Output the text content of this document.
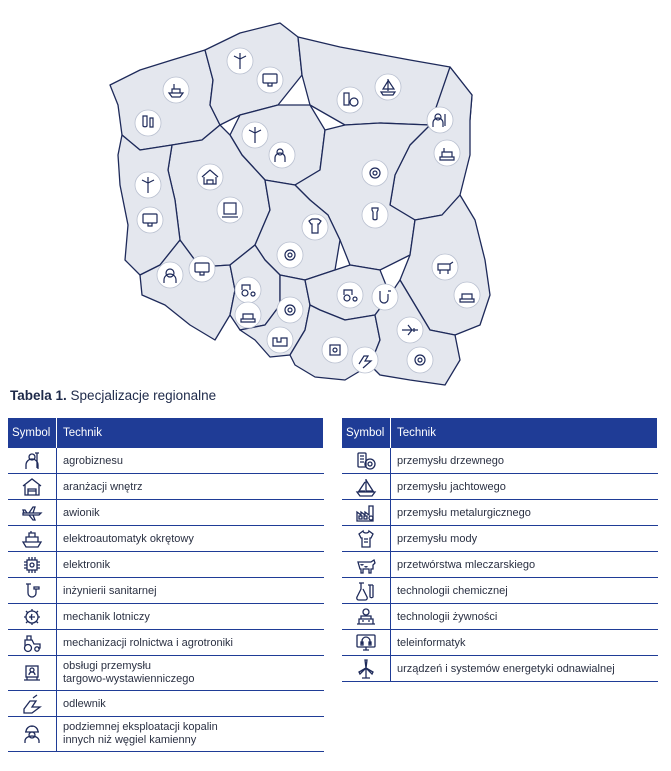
Tabela 1. Specjalizacje regionalne
Symbol	Technik
	agrobiznesu
	aranżacji wnętrz
	awionik
	elektroautomatyk okrętowy
	elektronik
	inżynierii sanitarnej
	mechanik lotniczy
	mechanizacji rolnictwa i agrotroniki
	obsługi przemysłu
targowo-wystawienniczego
	odlewnik
	podziemnej eksploatacji kopalin
innych niż węgiel kamienny
Symbol	Technik
	przemysłu drzewnego
	przemysłu jachtowego
	przemysłu metalurgicznego
	przemysłu mody
	przetwórstwa mleczarskiego
	technologii chemicznej
	technologii żywności
	teleinformatyk
	urządzeń i systemów energetyki odnawialnej
